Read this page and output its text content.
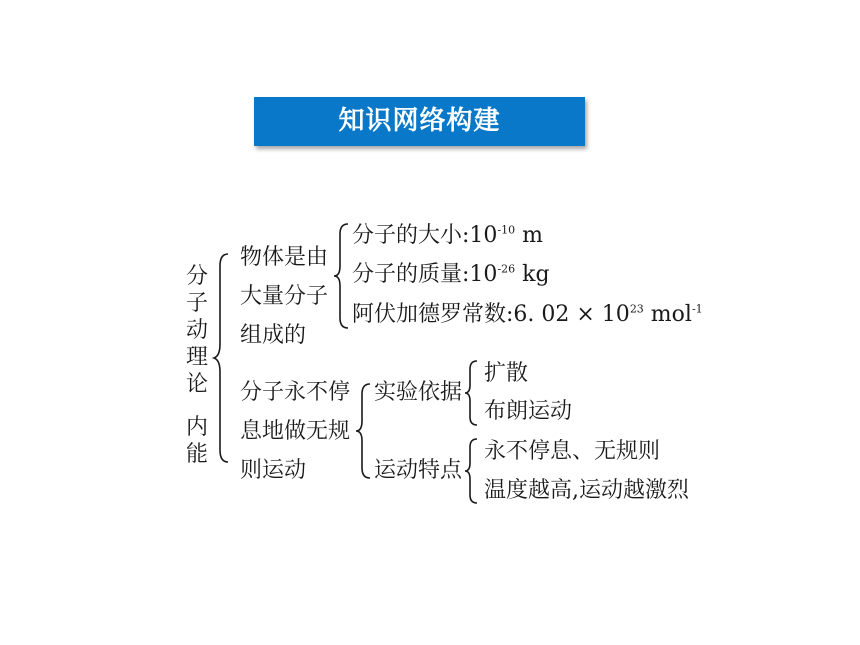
知识网络构建
分
子
动
理
论
内
能
物体是由
大量分子
组成的
分子的大小$:10^{-10}$ m
分子的质量$:10^{-26}$ kg
阿伏加德罗常数:6. $02 \times 10^{23}$ mol$^{-1}$
分子永不停
息地做无规
则运动
实验依据
扩散
布朗运动
运动特点
永不停息、无规则
温度越高,运动越激烈
